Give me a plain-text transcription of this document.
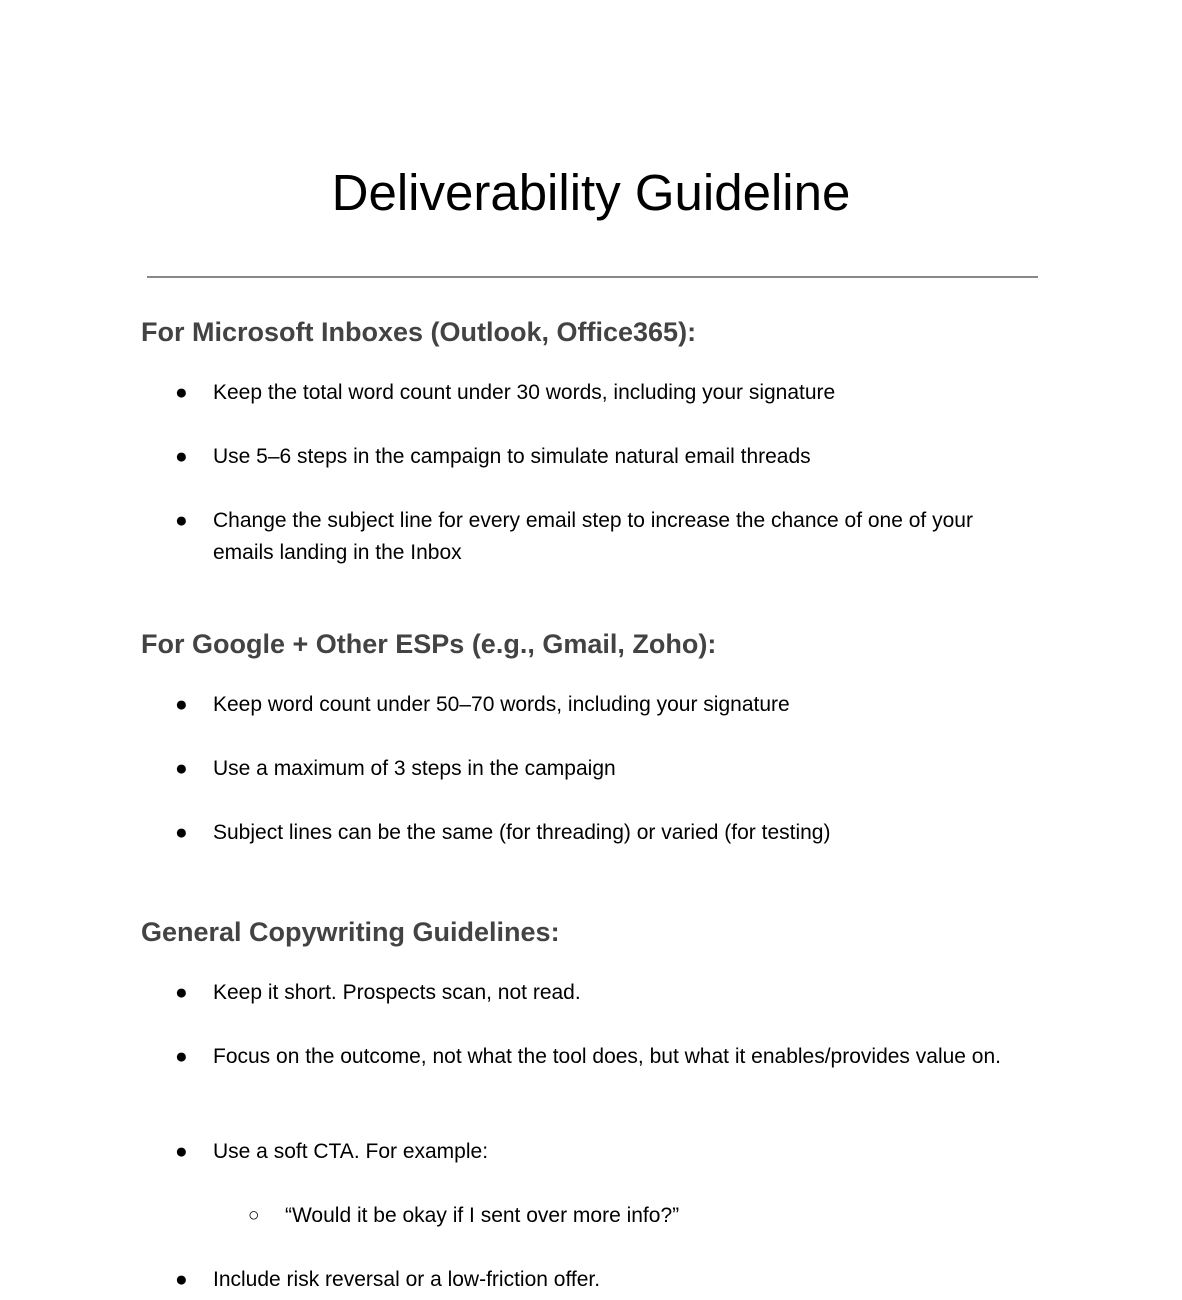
Deliverability Guideline
For Microsoft Inboxes (Outlook, Office365):
● Keep the total word count under 30 words, including your signature

● Use 5–6 steps in the campaign to simulate natural email threads

● Change the subject line for every email step to increase the chance of one of your emails landing in the Inbox

For Google + Other ESPs (e.g., Gmail, Zoho):
● Keep word count under 50–70 words, including your signature

● Use a maximum of 3 steps in the campaign

● Subject lines can be the same (for threading) or varied (for testing)

General Copywriting Guidelines:
● Keep it short. Prospects scan, not read.

● Focus on the outcome, not what the tool does, but what it enables/provides value on.

● Use a soft CTA. For example:

○ “Would it be okay if I sent over more info?”

● Include risk reversal or a low-friction offer.
